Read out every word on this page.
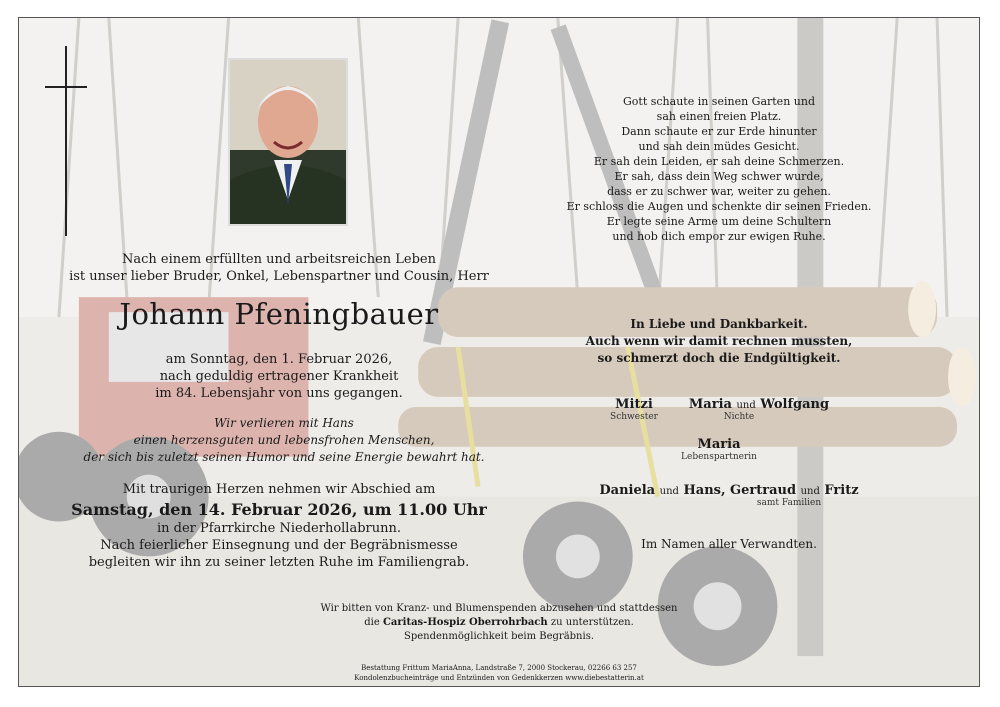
Nach einem erfüllten und arbeitsreichen Leben
ist unser lieber Bruder, Onkel, Lebenspartner und Cousin, Herr
Johann Pfeningbauer
am Sonntag, den 1. Februar 2026,
nach geduldig ertragener Krankheit
im 84. Lebensjahr von uns gegangen.
Wir verlieren mit Hans
einen herzensguten und lebensfrohen Menschen,
der sich bis zuletzt seinen Humor und seine Energie bewahrt hat.
Mit traurigen Herzen nehmen wir Abschied am
Samstag, den 14. Februar 2026, um 11.00 Uhr
in der Pfarrkirche Niederhollabrunn.
Nach feierlicher Einsegnung und der Begräbnismesse
begleiten wir ihn zu seiner letzten Ruhe im Familiengrab.
Gott schaute in seinen Garten und
sah einen freien Platz.
Dann schaute er zur Erde hinunter
und sah dein müdes Gesicht.
Er sah dein Leiden, er sah deine Schmerzen.
Er sah, dass dein Weg schwer wurde,
dass er zu schwer war, weiter zu gehen.
Er schloss die Augen und schenkte dir seinen Frieden.
Er legte seine Arme um deine Schultern
und hob dich empor zur ewigen Ruhe.
In Liebe und Dankbarkeit.
Auch wenn wir damit rechnen mussten,
so schmerzt doch die Endgültigkeit.
Mitzi
Schwester
Maria und Wolfgang
Nichte
Maria
Lebenspartnerin
Daniela und Hans, Gertraud und Fritz
samt Familien
Im Namen aller Verwandten.
Wir bitten von Kranz- und Blumenspenden abzusehen und stattdessen
die Caritas-Hospiz Oberrohrbach zu unterstützen.
Spendenmöglichkeit beim Begräbnis.
Bestattung Frittum MariaAnna, Landstraße 7, 2000 Stockerau, 02266 63 257
Kondolenzbucheinträge und Entzünden von Gedenkkerzen www.diebestatterin.at
